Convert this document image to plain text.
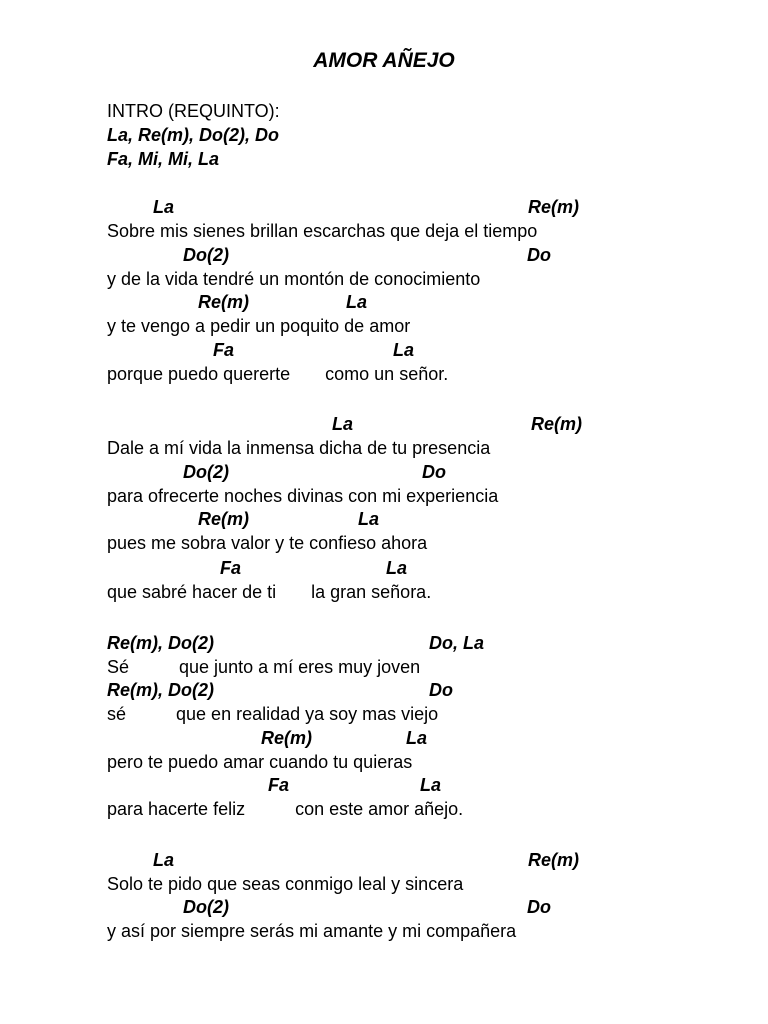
AMOR AÑEJO
INTRO (REQUINTO):
La, Re(m), Do(2), Do
Fa, Mi, Mi, La
La	Re(m)
Sobre mis sienes brillan escarchas que deja el tiempo
Do(2)	Do
y de la vida tendré un montón de conocimiento
Re(m)	La
y te vengo a pedir un poquito de amor
Fa	La
porque puedo quererte       como un señor.
La	Re(m)
Dale a mí vida la inmensa dicha de tu presencia
Do(2)	Do
para ofrecerte noches divinas con mi experiencia
Re(m)	La
pues me sobra valor y te confieso ahora
Fa	La
que sabré hacer de ti       la gran señora.
Re(m), Do(2)	Do, La
Sé          que junto a mí eres muy joven
Re(m), Do(2)	Do
sé          que en realidad ya soy mas viejo
Re(m)	La
pero te puedo amar cuando tu quieras
Fa	La
para hacerte feliz          con este amor añejo.
La	Re(m)
Solo te pido que seas conmigo leal y sincera
Do(2)	Do
y así por siempre serás mi amante y mi compañera
